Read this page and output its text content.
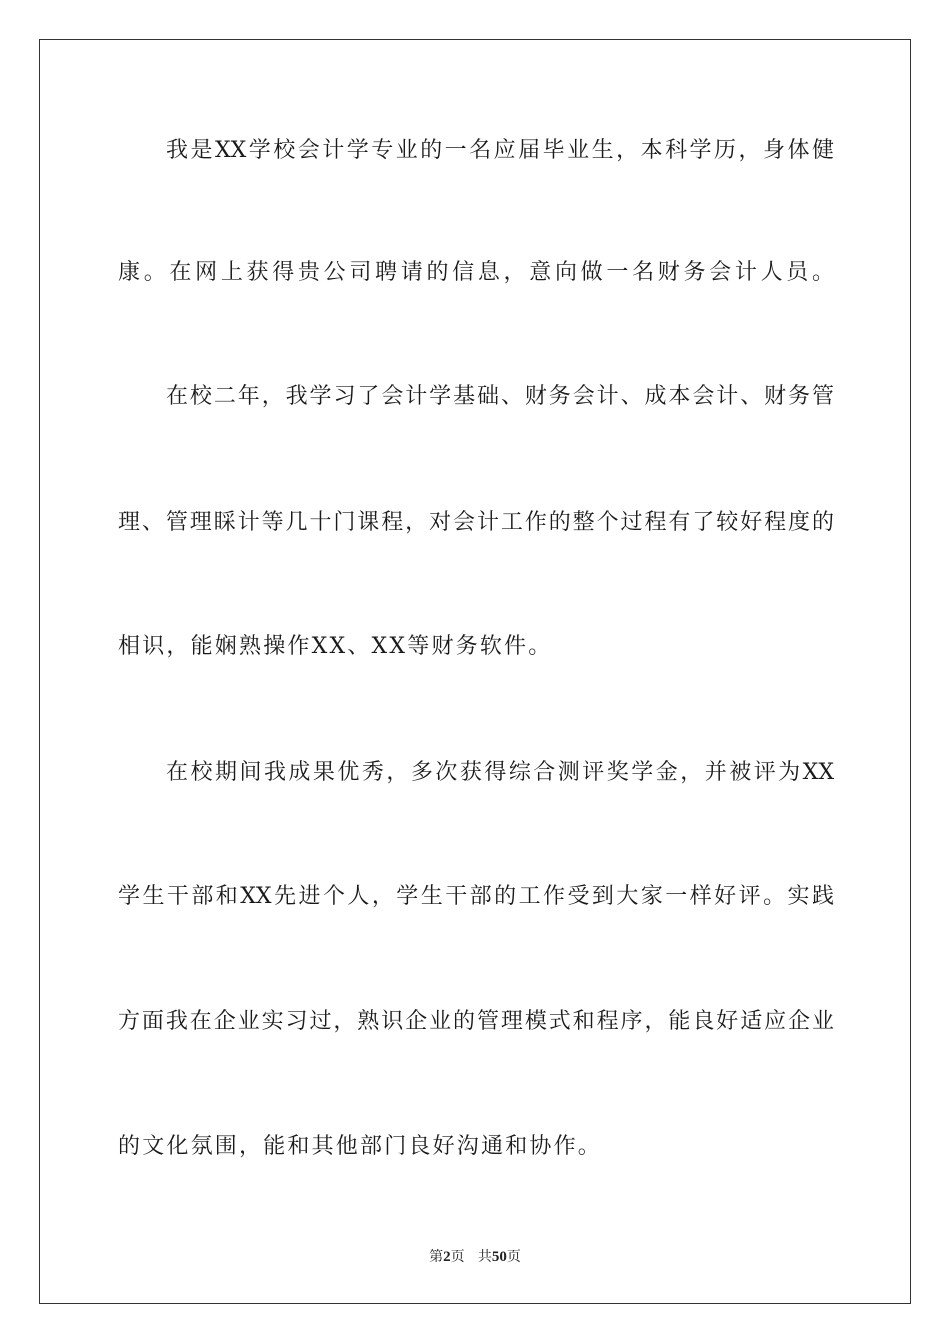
我是XX学校会计学专业的一名应届毕业生，本科学历，身体健
康。在网上获得贵公司聘请的信息，意向做一名财务会计人员。
在校二年，我学习了会计学基础、财务会计、成本会计、财务管
理、管理睬计等几十门课程，对会计工作的整个过程有了较好程度的
相识，能娴熟操作XX、XX等财务软件。
在校期间我成果优秀，多次获得综合测评奖学金，并被评为XX
学生干部和XX先进个人，学生干部的工作受到大家一样好评。实践
方面我在企业实习过，熟识企业的管理模式和程序，能良好适应企业
的文化氛围，能和其他部门良好沟通和协作。
第2页 共50页
